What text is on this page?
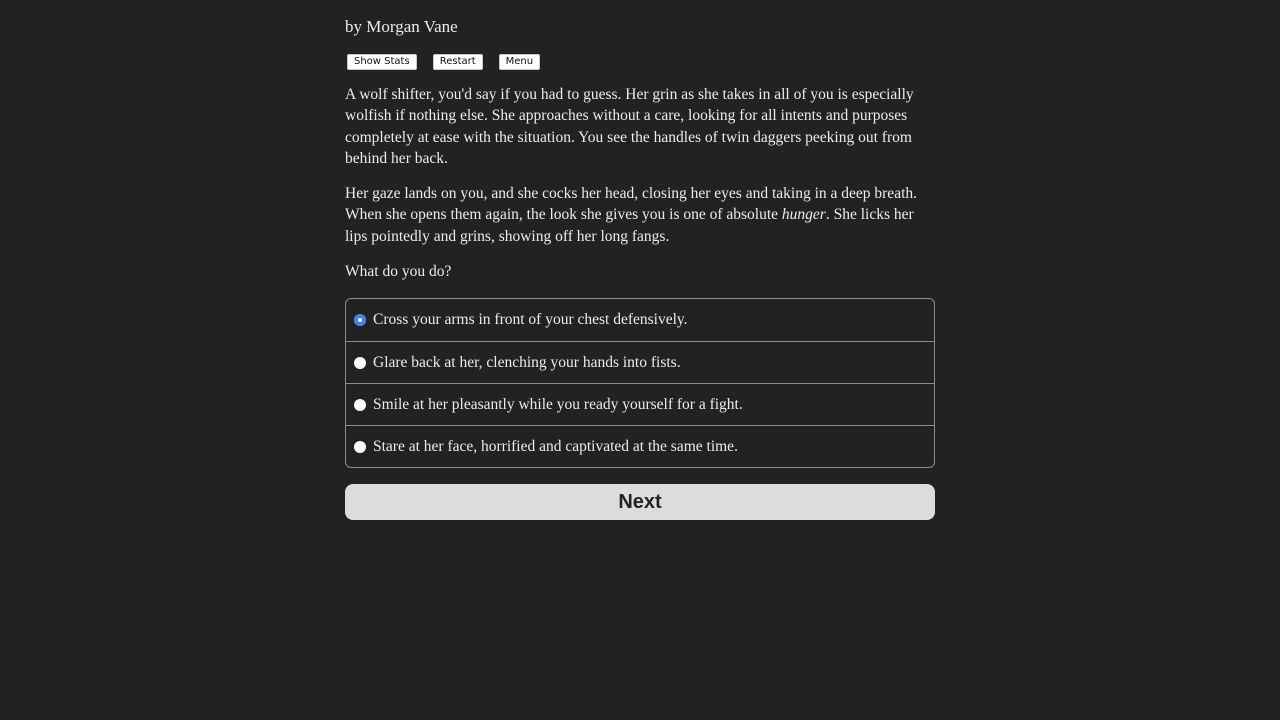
by Morgan Vane
Show Stats	Restart	Menu

A wolf shifter, you'd say if you had to guess. Her grin as she takes in all of you is especially wolfish if nothing else. She approaches without a care, looking for all intents and purposes completely at ease with the situation. You see the handles of twin daggers peeking out from behind her back.

Her gaze lands on you, and she cocks her head, closing her eyes and taking in a deep breath. When she opens them again, the look she gives you is one of absolute hunger. She licks her lips pointedly and grins, showing off her long fangs.

What do you do?

Cross your arms in front of your chest defensively.
Glare back at her, clenching your hands into fists.
Smile at her pleasantly while you ready yourself for a fight.
Stare at her face, horrified and captivated at the same time.
Next
